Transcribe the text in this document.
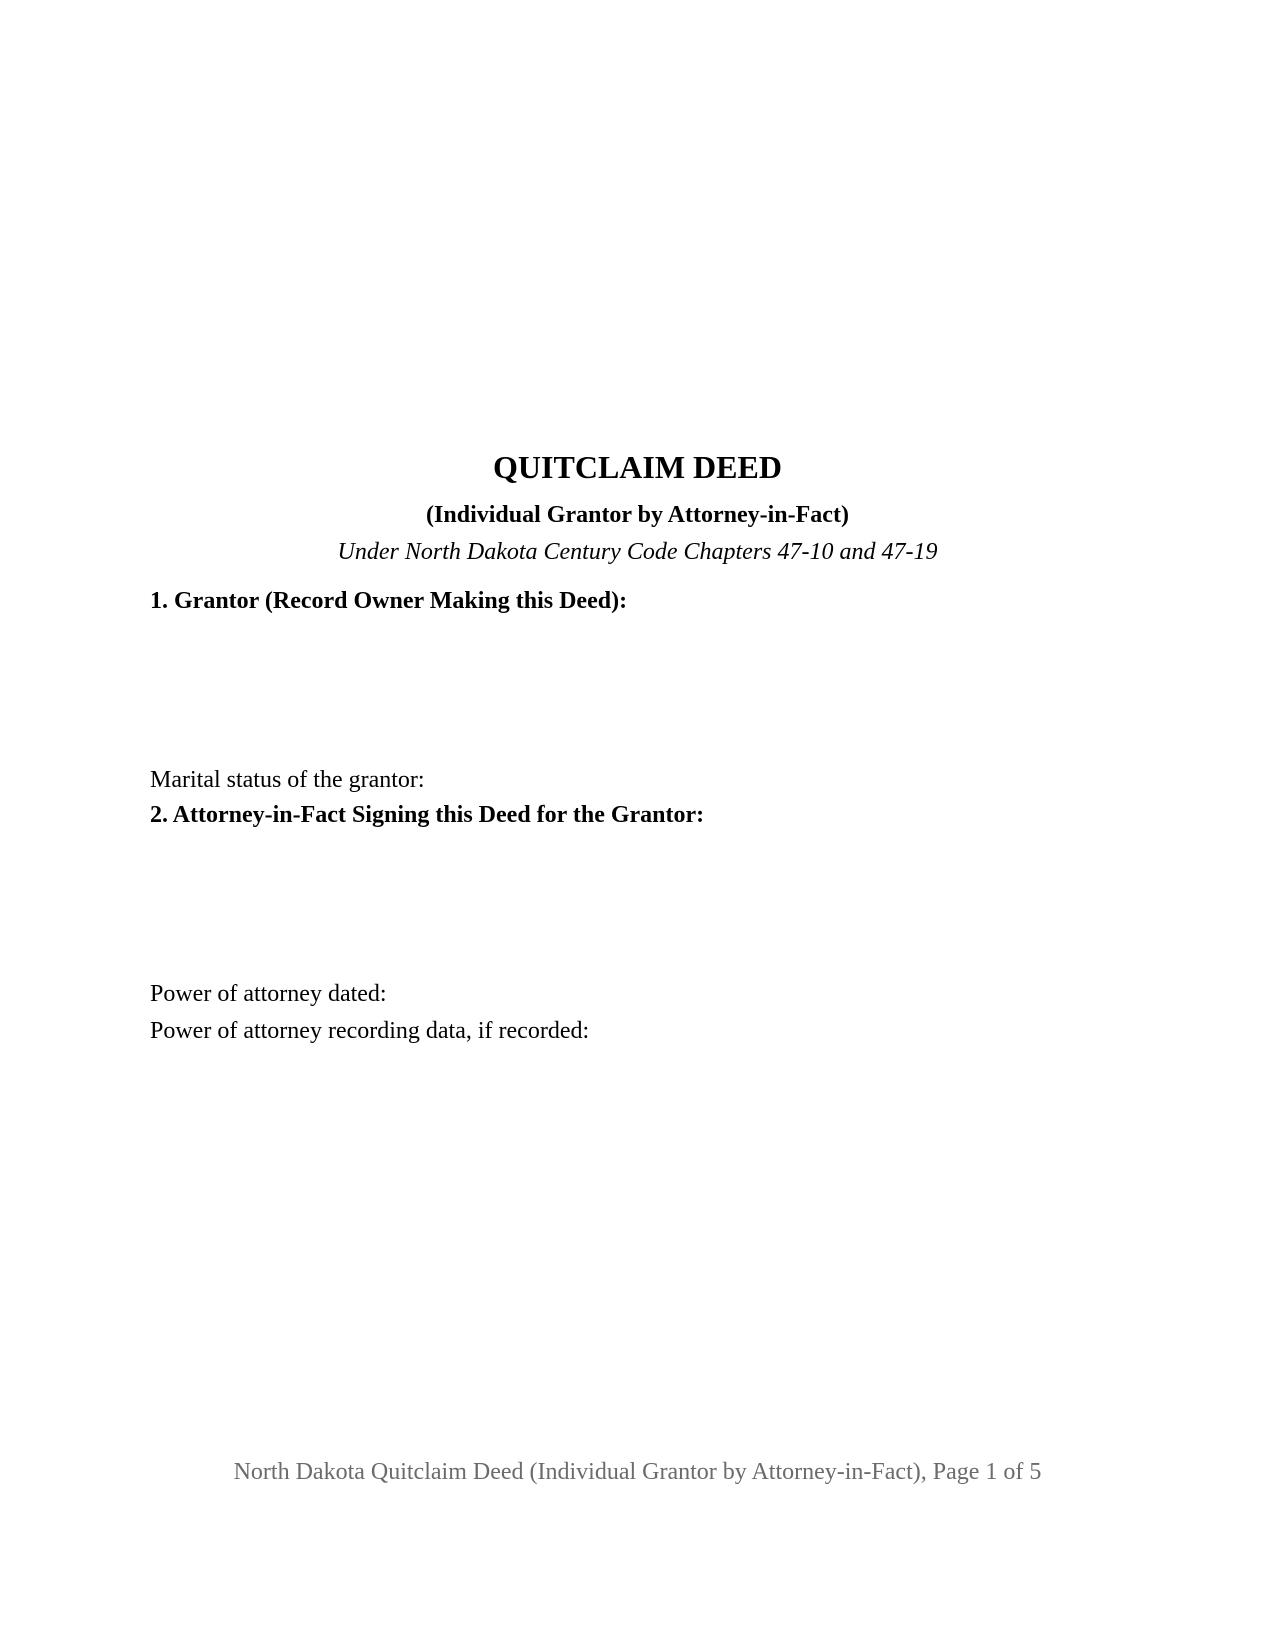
QUITCLAIM DEED
(Individual Grantor by Attorney-in-Fact)
Under North Dakota Century Code Chapters 47-10 and 47-19
1. Grantor (Record Owner Making this Deed):
Marital status of the grantor:
2. Attorney-in-Fact Signing this Deed for the Grantor:
Power of attorney dated:
Power of attorney recording data, if recorded:
North Dakota Quitclaim Deed (Individual Grantor by Attorney-in-Fact), Page 1 of 5
